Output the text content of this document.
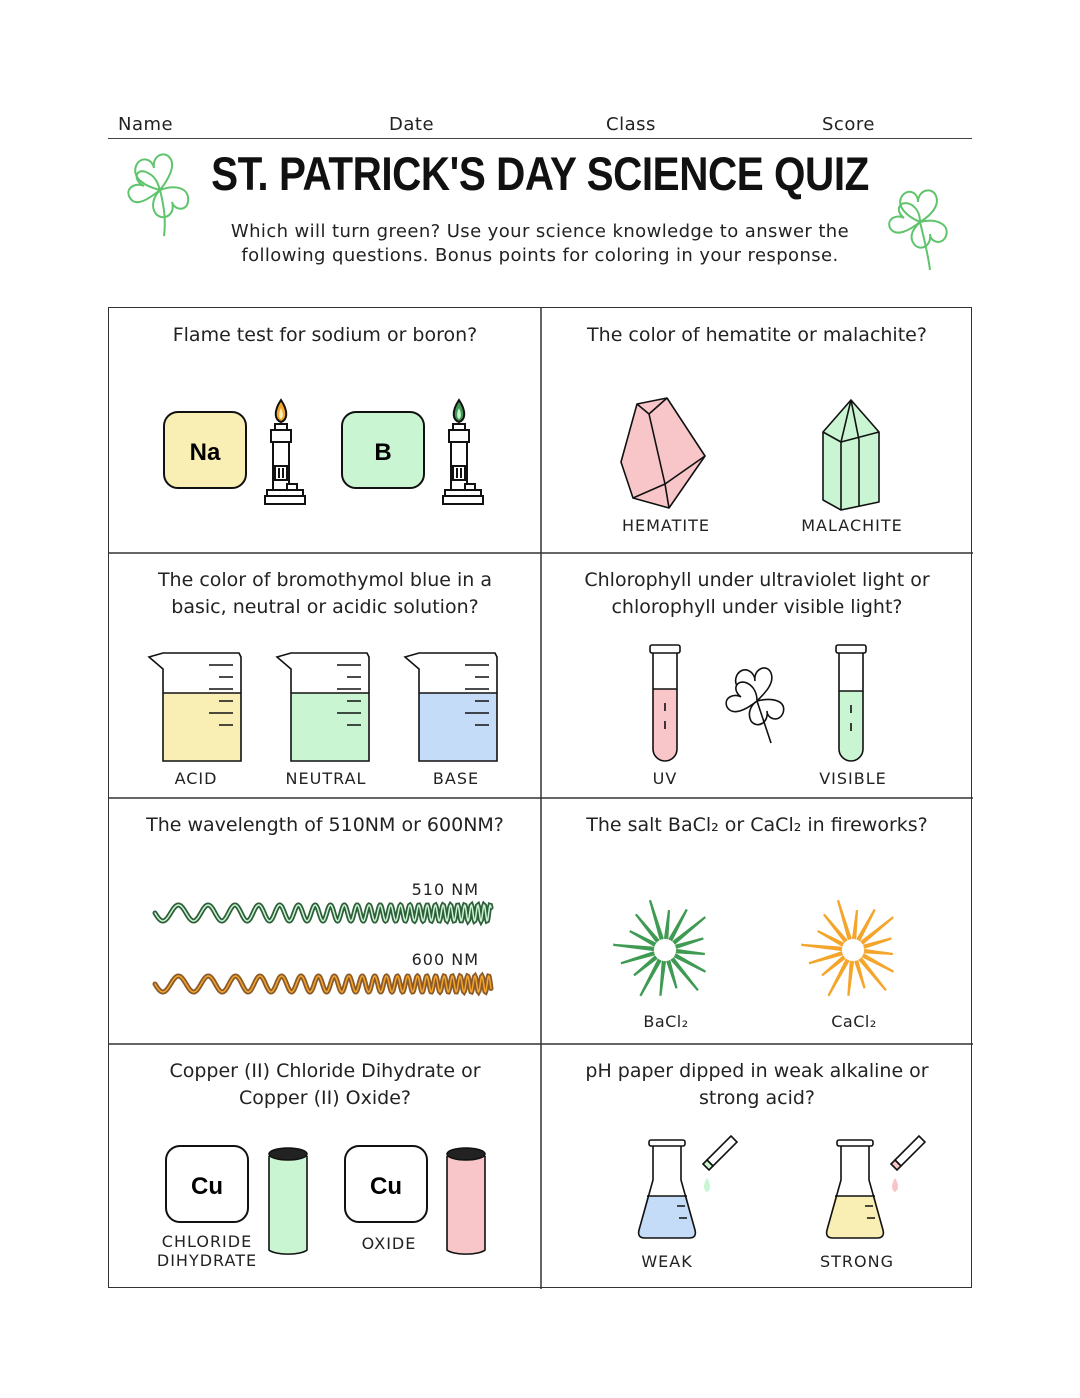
Name	Date	Class	Score
ST. PATRICK'S DAY SCIENCE QUIZ
Which will turn green? Use your science knowledge to answer the
following questions. Bonus points for coloring in your response.
Flame test for sodium or boron?
Na	B
The color of hematite or malachite?
HEMATITE	MALACHITE
The color of bromothymol blue in a
basic, neutral or acidic solution?
ACID	NEUTRAL	BASE
Chlorophyll under ultraviolet light or
chlorophyll under visible light?
UV	VISIBLE
The wavelength of 510NM or 600NM?
510 NM
600 NM
The salt BaCl₂ or CaCl₂ in fireworks?
BaCl₂	CaCl₂
Copper (II) Chloride Dihydrate or
Copper (II) Oxide?
Cu	Cu
CHLORIDE
DIHYDRATE
OXIDE
pH paper dipped in weak alkaline or
strong acid?
WEAK	STRONG
